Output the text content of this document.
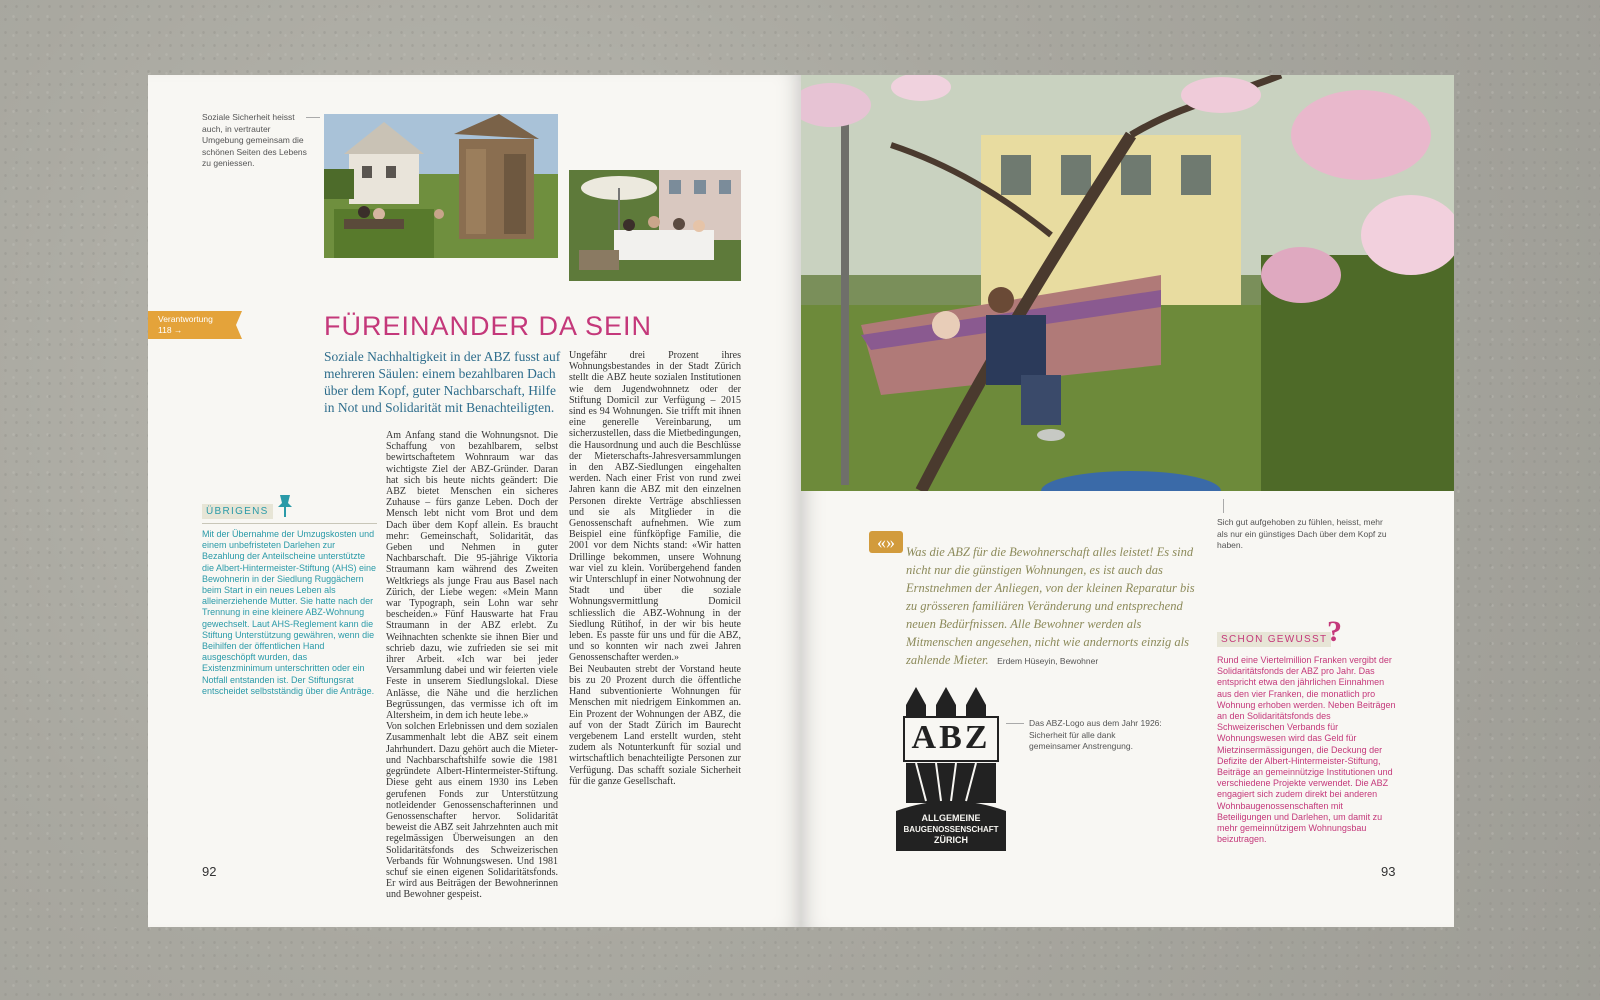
Soziale Sicherheit heisst auch, in vertrauter Umgebung gemeinsam die schönen Seiten des Lebens zu geniessen.
Verantwortung
118 →	FÜREINANDER DA SEIN
Soziale Nachhaltigkeit in der ABZ fusst auf mehreren Säulen: einem bezahlbaren Dach über dem Kopf, guter Nachbarschaft, Hilfe in Not und Solidarität mit Benachteiligten.
ÜBRIGENS
Mit der Übernahme der Umzugskosten und einem unbefristeten Darlehen zur Bezahlung der Anteilscheine unterstützte die Albert-Hintermeister-Stiftung (AHS) eine Bewohnerin in der Siedlung Ruggächern beim Start in ein neues Leben als alleinerziehende Mutter. Sie hatte nach der Trennung in eine kleinere ABZ-Wohnung gewechselt. Laut AHS-Reglement kann die Stiftung Unterstützung gewähren, wenn die Beihilfen der öffentlichen Hand ausgeschöpft wurden, das Existenzminimum unterschritten oder ein Notfall entstanden ist. Der Stiftungsrat entscheidet selbstständig über die Anträge.
Am Anfang stand die Wohnungsnot. Die Schaffung von bezahlbarem, selbst bewirtschaftetem Wohnraum war das wichtigste Ziel der ABZ-Gründer. Daran hat sich bis heute nichts geändert: Die ABZ bietet Menschen ein sicheres Zuhause – fürs ganze Leben. Doch der Mensch lebt nicht vom Brot und dem Dach über dem Kopf allein. Es braucht mehr: Gemeinschaft, Solidarität, das Geben und Nehmen in guter Nachbarschaft. Die 95-jährige Viktoria Straumann kam während des Zweiten Weltkriegs als junge Frau aus Basel nach Zürich, der Liebe wegen: «Mein Mann war Typograph, sein Lohn war sehr bescheiden.» Fünf Hauswarte hat Frau Straumann in der ABZ erlebt. Zu Weihnachten schenkte sie ihnen Bier und schrieb dazu, wie zufrieden sie sei mit ihrer Arbeit. «Ich war bei jeder Versammlung dabei und wir feierten viele Feste in unserem Siedlungslokal. Diese Anlässe, die Nähe und die herzlichen Begrüssungen, das vermisse ich oft im Altersheim, in dem ich heute lebe.»
Von solchen Erlebnissen und dem sozialen Zusammenhalt lebt die ABZ seit einem Jahrhundert. Dazu gehört auch die Mieter- und Nachbarschaftshilfe sowie die 1981 gegründete Albert-Hintermeister-Stiftung. Diese geht aus einem 1930 ins Leben gerufenen Fonds zur Unterstützung notleidender Genossenschafterinnen und Genossenschafter hervor. Solidarität beweist die ABZ seit Jahrzehnten auch mit regelmässigen Überweisungen an den Solidaritätsfonds des Schweizerischen Verbands für Wohnungswesen. Und 1981 schuf sie einen eigenen Solidaritätsfonds. Er wird aus Beiträgen der Bewohnerinnen und Bewohner gespeist.
Ungefähr drei Prozent ihres Wohnungsbestandes in der Stadt Zürich stellt die ABZ heute sozialen Institutionen wie dem Jugendwohnnetz oder der Stiftung Domicil zur Verfügung – 2015 sind es 94 Wohnungen. Sie trifft mit ihnen eine generelle Vereinbarung, um sicherzustellen, dass die Mietbedingungen, die Hausordnung und auch die Beschlüsse der Mieterschafts-Jahresversammlungen in den ABZ-Siedlungen eingehalten werden. Nach einer Frist von rund zwei Jahren kann die ABZ mit den einzelnen Personen direkte Verträge abschliessen und sie als Mitglieder in die Genossenschaft aufnehmen. Wie zum Beispiel eine fünfköpfige Familie, die 2001 vor dem Nichts stand: «Wir hatten Drillinge bekommen, unsere Wohnung war viel zu klein. Vorübergehend fanden wir Unterschlupf in einer Notwohnung der Stadt und über die soziale Wohnungsvermittlung Domicil schliesslich die ABZ-Wohnung in der Siedlung Rütihof, in der wir bis heute leben. Es passte für uns und für die ABZ, und so konnten wir nach zwei Jahren Genossenschafter werden.»
Bei Neubauten strebt der Vorstand heute bis zu 20 Prozent durch die öffentliche Hand subventionierte Wohnungen für Menschen mit niedrigem Einkommen an. Ein Prozent der Wohnungen der ABZ, die auf von der Stadt Zürich im Baurecht vergebenem Land erstellt wurden, steht zudem als Notunterkunft für sozial und wirtschaftlich benachteiligte Personen zur Verfügung. Das schafft soziale Sicherheit für die ganze Gesellschaft.
92
Sich gut aufgehoben zu fühlen, heisst, mehr als nur ein günstiges Dach über dem Kopf zu haben.
«» Was die ABZ für die Bewohnerschaft alles leistet! Es sind nicht nur die günstigen Wohnungen, es ist auch das Ernstnehmen der Anliegen, von der kleinen Reparatur bis zu grösseren familiären Veränderung und entsprechend neuen Bedürfnissen. Alle Bewohner werden als Mitmenschen angesehen, nicht wie andernorts einzig als zahlende Mieter. Erdem Hüseyin, Bewohner
ABZ
ALLGEMEINE
BAUGENOSSENSCHAFT
ZÜRICH
Das ABZ-Logo aus dem Jahr 1926: Sicherheit für alle dank gemeinsamer Anstrengung.
SCHON GEWUSST ?
Rund eine Viertelmillion Franken vergibt der Solidaritätsfonds der ABZ pro Jahr. Das entspricht etwa den jährlichen Einnahmen aus den vier Franken, die monatlich pro Wohnung erhoben werden. Neben Beiträgen an den Solidaritätsfonds des Schweizerischen Verbands für Wohnungswesen wird das Geld für Mietzinsermässigungen, die Deckung der Defizite der Albert-Hintermeister-Stiftung, Beiträge an gemeinnützige Institutionen und verschiedene Projekte verwendet. Die ABZ engagiert sich zudem direkt bei anderen Wohnbaugenossenschaften mit Beteiligungen und Darlehen, um damit zu mehr gemeinnützigem Wohnungsbau beizutragen.
93
